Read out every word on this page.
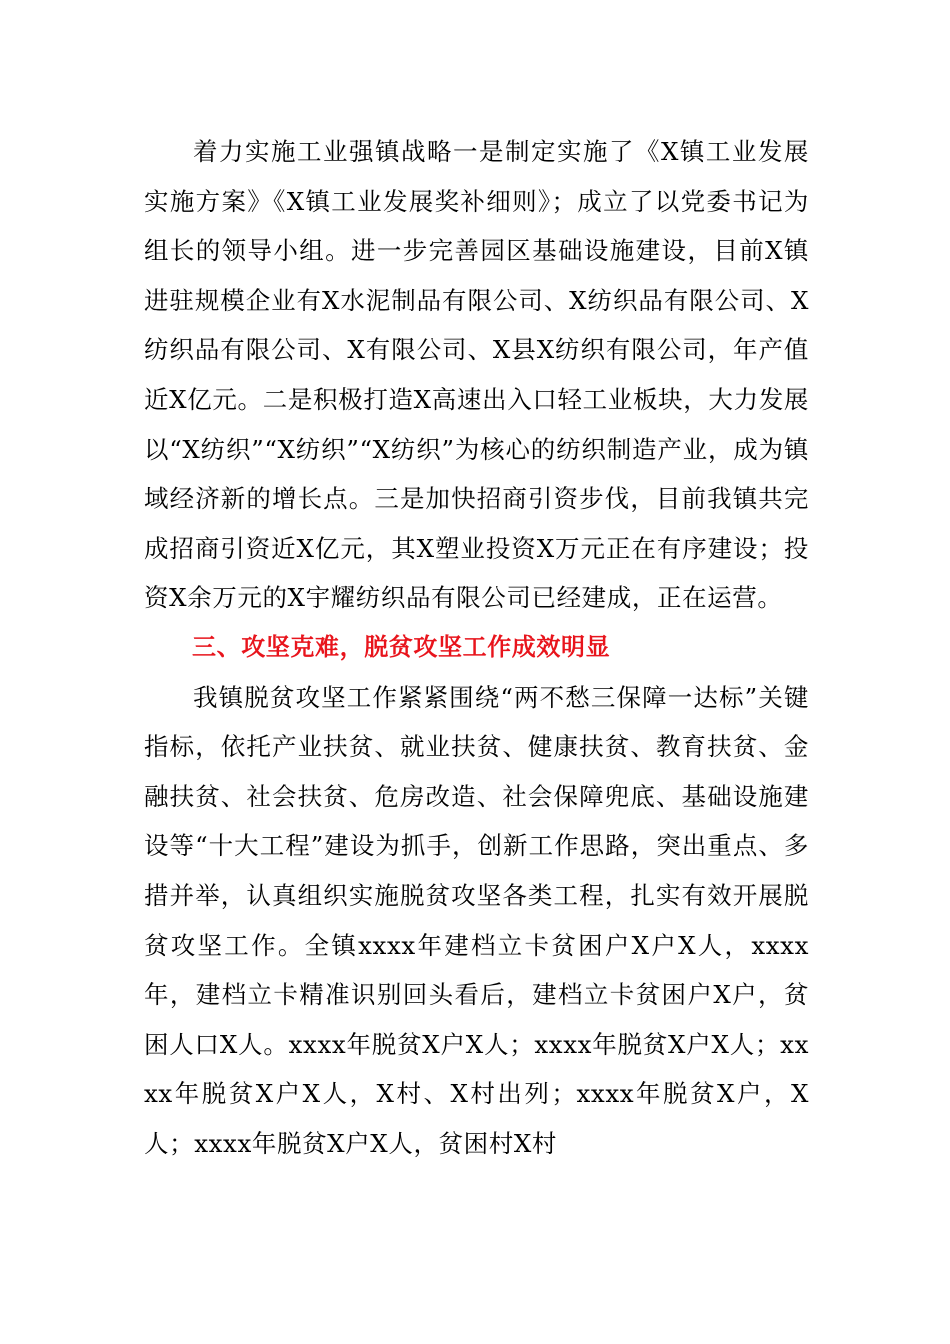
着力实施工业强镇战略一是制定实施了《X镇工业发展实施方案》《X镇工业发展奖补细则》；成立了以党委书记为组长的领导小组。进一步完善园区基础设施建设，目前X镇进驻规模企业有X水泥制品有限公司、X纺织品有限公司、X纺织品有限公司、X有限公司、X县X纺织有限公司，年产值近X亿元。二是积极打造X高速出入口轻工业板块，大力发展以“X纺织”“X纺织”“X纺织”为核心的纺织制造产业，成为镇域经济新的增长点。三是加快招商引资步伐，目前我镇共完成招商引资近X亿元，其X塑业投资X万元正在有序建设；投资X余万元的X宇耀纺织品有限公司已经建成，正在运营。

三、攻坚克难，脱贫攻坚工作成效明显

我镇脱贫攻坚工作紧紧围绕“两不愁三保障一达标”关键指标，依托产业扶贫、就业扶贫、健康扶贫、教育扶贫、金融扶贫、社会扶贫、危房改造、社会保障兜底、基础设施建设等“十大工程”建设为抓手，创新工作思路，突出重点、多措并举，认真组织实施脱贫攻坚各类工程，扎实有效开展脱贫攻坚工作。全镇xxxx年建档立卡贫困户X户X人，xxxx年，建档立卡精准识别回头看后，建档立卡贫困户X户，贫困人口X人。xxxx年脱贫X户X人；xxxx年脱贫X户X人；xxxx年脱贫X户X人，X村、X村出列；xxxx年脱贫X户，X人；xxxx年脱贫X户X人，贫困村X村
